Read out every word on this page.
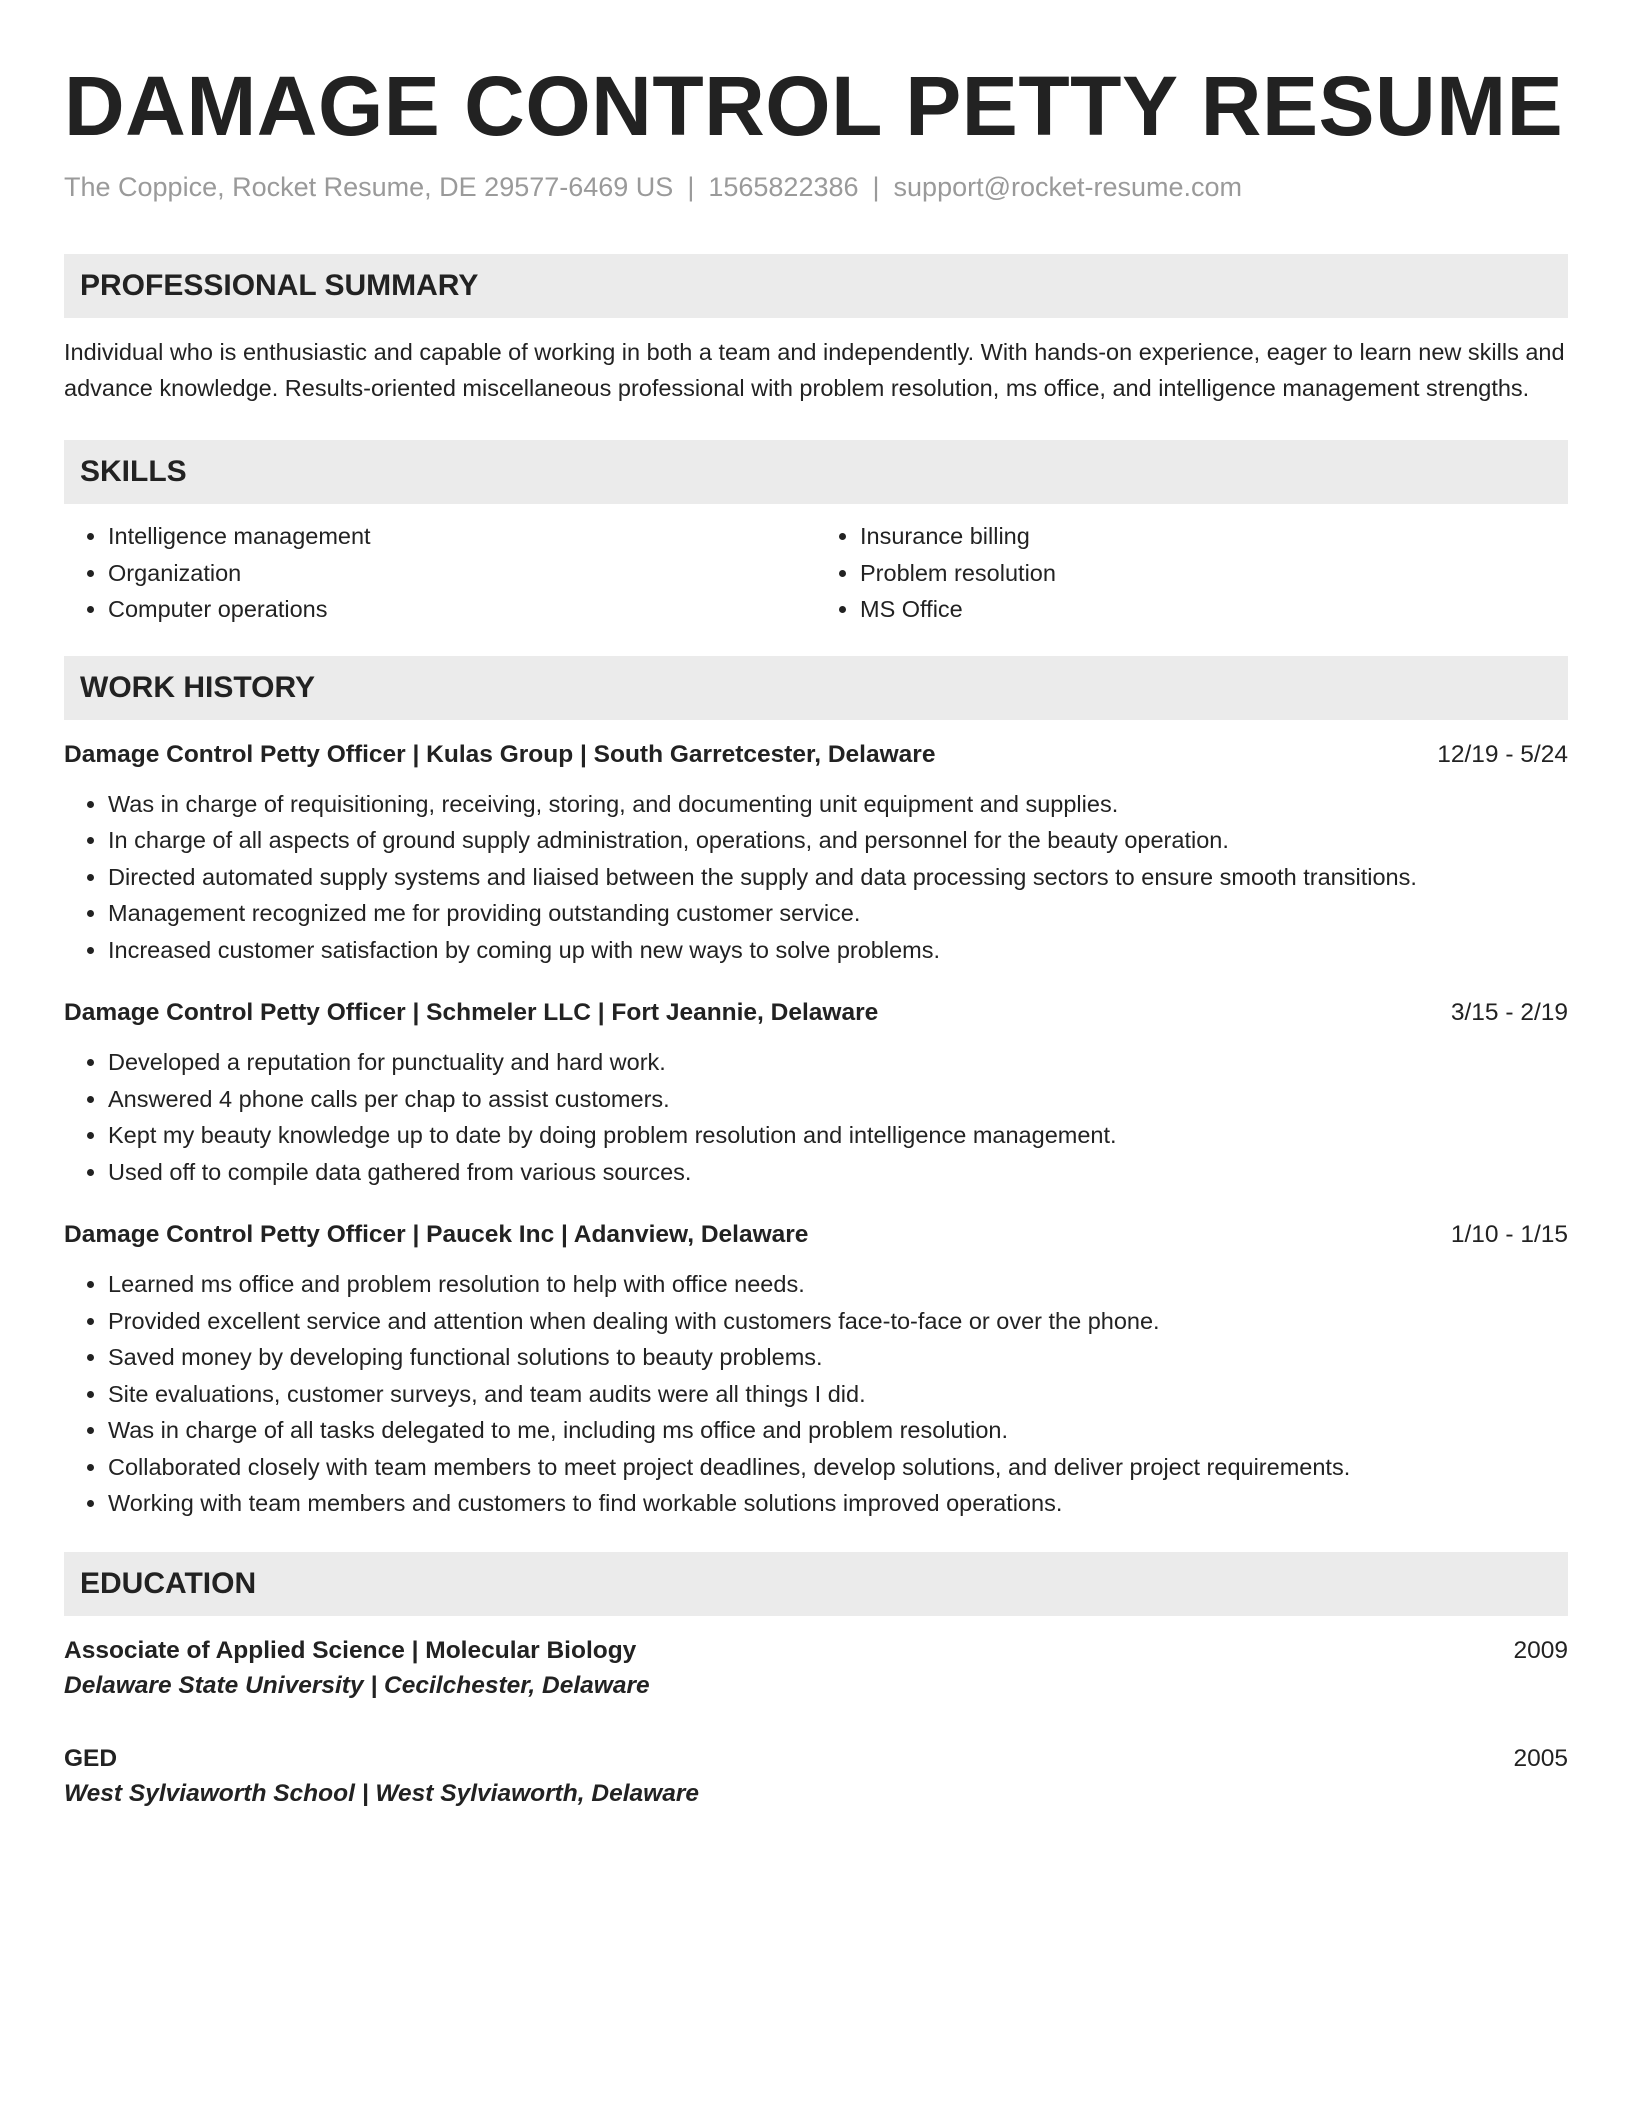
DAMAGE CONTROL PETTY RESUME
The Coppice, Rocket Resume, DE 29577-6469 US | 1565822386 | support@rocket-resume.com
PROFESSIONAL SUMMARY
Individual who is enthusiastic and capable of working in both a team and independently. With hands-on experience, eager to learn new skills and advance knowledge. Results-oriented miscellaneous professional with problem resolution, ms office, and intelligence management strengths.
SKILLS
• Intelligence management
• Organization
• Computer operations
• Insurance billing
• Problem resolution
• MS Office
WORK HISTORY
Damage Control Petty Officer | Kulas Group | South Garretcester, Delaware	12/19 - 5/24
• Was in charge of requisitioning, receiving, storing, and documenting unit equipment and supplies.
• In charge of all aspects of ground supply administration, operations, and personnel for the beauty operation.
• Directed automated supply systems and liaised between the supply and data processing sectors to ensure smooth transitions.
• Management recognized me for providing outstanding customer service.
• Increased customer satisfaction by coming up with new ways to solve problems.
Damage Control Petty Officer | Schmeler LLC | Fort Jeannie, Delaware	3/15 - 2/19
• Developed a reputation for punctuality and hard work.
• Answered 4 phone calls per chap to assist customers.
• Kept my beauty knowledge up to date by doing problem resolution and intelligence management.
• Used off to compile data gathered from various sources.
Damage Control Petty Officer | Paucek Inc | Adanview, Delaware	1/10 - 1/15
• Learned ms office and problem resolution to help with office needs.
• Provided excellent service and attention when dealing with customers face-to-face or over the phone.
• Saved money by developing functional solutions to beauty problems.
• Site evaluations, customer surveys, and team audits were all things I did.
• Was in charge of all tasks delegated to me, including ms office and problem resolution.
• Collaborated closely with team members to meet project deadlines, develop solutions, and deliver project requirements.
• Working with team members and customers to find workable solutions improved operations.
EDUCATION
Associate of Applied Science | Molecular Biology	2009
Delaware State University | Cecilchester, Delaware
GED	2005
West Sylviaworth School | West Sylviaworth, Delaware
